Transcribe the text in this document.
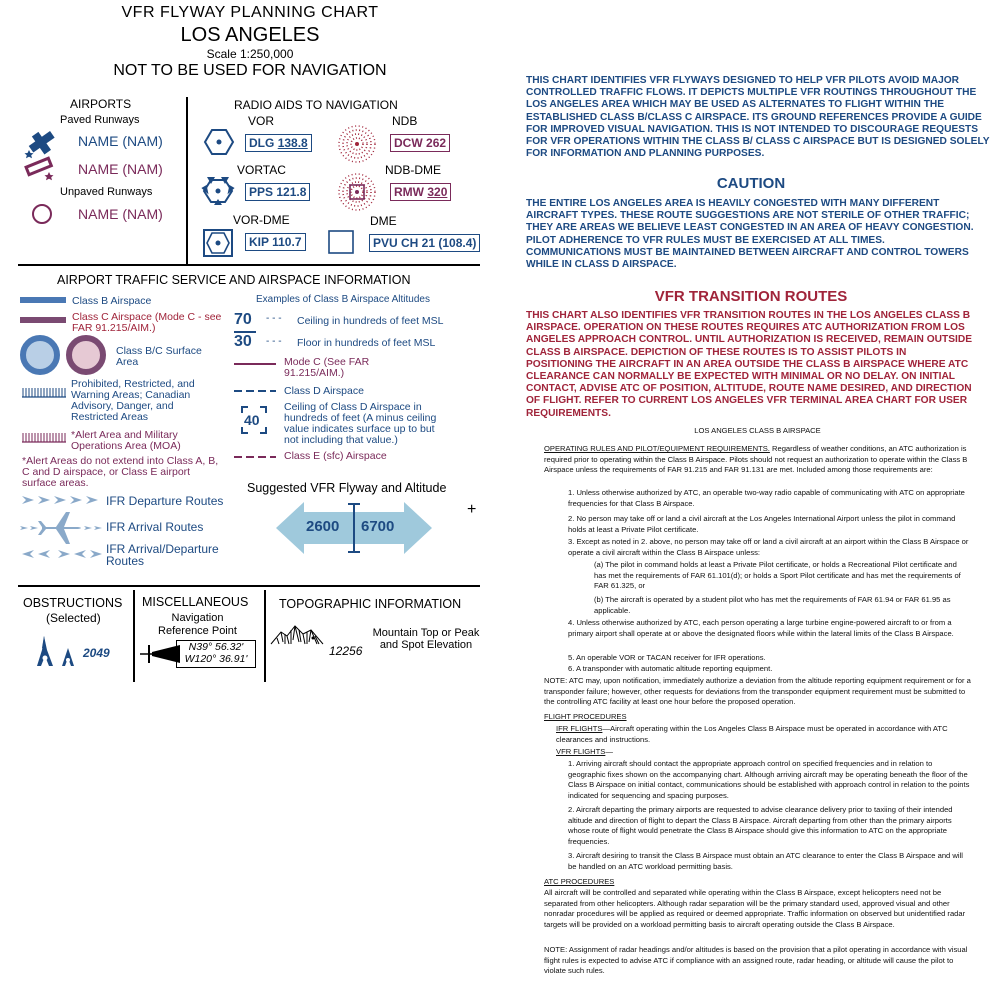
VFR FLYWAY PLANNING CHART
LOS ANGELES
Scale 1:250,000
NOT TO BE USED FOR NAVIGATION
AIRPORTS
Paved Runways
NAME (NAM)
NAME (NAM)
Unpaved Runways
NAME (NAM)
RADIO AIDS TO NAVIGATION
VOR
DLG 138.8
NDB
DCW 262
VORTAC
PPS 121.8
NDB-DME
RMW 320
VOR-DME
KIP 110.7
DME
PVU CH 21 (108.4)
AIRPORT TRAFFIC SERVICE AND AIRSPACE INFORMATION
Class B Airspace
Class C Airspace (Mode C - see FAR 91.215/AIM.)
Class B/C Surface Area
Prohibited, Restricted, and Warning Areas; Canadian Advisory, Danger, and Restricted Areas
*Alert Area and Military Operations Area (MOA)
*Alert Areas do not extend into Class A, B, C and D airspace, or Class E airport surface areas.
Examples of Class B Airspace Altitudes
70 - - - Ceiling in hundreds of feet MSL
30 - - - Floor in hundreds of feet MSL
Mode C (See FAR 91.215/AIM.)
Class D Airspace
40
Ceiling of Class D Airspace in hundreds of feet (A minus ceiling value indicates surface up to but not including that value.)
Class E (sfc) Airspace
IFR Departure Routes
IFR Arrival Routes
IFR Arrival/Departure Routes
Suggested VFR Flyway and Altitude
2600 6700
+
OBSTRUCTIONS
(Selected)
2049
MISCELLANEOUS
Navigation Reference Point
N39° 56.32'
W120° 36.91'
TOPOGRAPHIC INFORMATION
12256
Mountain Top or Peak and Spot Elevation
THIS CHART IDENTIFIES VFR FLYWAYS DESIGNED TO HELP VFR PILOTS AVOID MAJOR CONTROLLED TRAFFIC FLOWS. IT DEPICTS MULTIPLE VFR ROUTINGS THROUGHOUT THE LOS ANGELES AREA WHICH MAY BE USED AS ALTERNATES TO FLIGHT WITHIN THE ESTABLISHED CLASS B/CLASS C AIRSPACE. ITS GROUND REFERENCES PROVIDE A GUIDE FOR IMPROVED VISUAL NAVIGATION. THIS IS NOT INTENDED TO DISCOURAGE REQUESTS FOR VFR OPERATIONS WITHIN THE CLASS B/ CLASS C AIRSPACE BUT IS DESIGNED SOLELY FOR INFORMATION AND PLANNING PURPOSES.
CAUTION
THE ENTIRE LOS ANGELES AREA IS HEAVILY CONGESTED WITH MANY DIFFERENT AIRCRAFT TYPES. THESE ROUTE SUGGESTIONS ARE NOT STERILE OF OTHER TRAFFIC; THEY ARE AREAS WE BELIEVE LEAST CONGESTED IN AN AREA OF HEAVY CONGESTION. PILOT ADHERENCE TO VFR RULES MUST BE EXERCISED AT ALL TIMES. COMMUNICATIONS MUST BE MAINTAINED BETWEEN AIRCRAFT AND CONTROL TOWERS WHILE IN CLASS D AIRSPACE.
VFR TRANSITION ROUTES
THIS CHART ALSO IDENTIFIES VFR TRANSITION ROUTES IN THE LOS ANGELES CLASS B AIRSPACE. OPERATION ON THESE ROUTES REQUIRES ATC AUTHORIZATION FROM LOS ANGELES APPROACH CONTROL. UNTIL AUTHORIZATION IS RECEIVED, REMAIN OUTSIDE CLASS B AIRSPACE. DEPICTION OF THESE ROUTES IS TO ASSIST PILOTS IN POSITIONING THE AIRCRAFT IN AN AREA OUTSIDE THE CLASS B AIRSPACE WHERE ATC CLEARANCE CAN NORMALLY BE EXPECTED WITH MINIMAL OR NO DELAY. ON INITIAL CONTACT, ADVISE ATC OF POSITION, ALTITUDE, ROUTE NAME DESIRED, AND DIRECTION OF FLIGHT. REFER TO CURRENT LOS ANGELES VFR TERMINAL AREA CHART FOR USER REQUIREMENTS.
LOS ANGELES CLASS B AIRSPACE
OPERATING RULES AND PILOT/EQUIPMENT REQUIREMENTS. Regardless of weather conditions, an ATC authorization is required prior to operating within the Class B Airspace. Pilots should not request an authorization to operate within the Class B Airspace unless the requirements of FAR 91.215 and FAR 91.131 are met. Included among those requirements are:
1. Unless otherwise authorized by ATC, an operable two-way radio capable of communicating with ATC on appropriate frequencies for that Class B Airspace.
2. No person may take off or land a civil aircraft at the Los Angeles International Airport unless the pilot in command holds at least a Private Pilot certificate.
3. Except as noted in 2. above, no person may take off or land a civil aircraft at an airport within the Class B Airspace or operate a civil aircraft within the Class B Airspace unless:
(a) The pilot in command holds at least a Private Pilot certificate, or holds a Recreational Pilot certificate and has met the requirements of FAR 61.101(d); or holds a Sport Pilot certificate and has met the requirements of FAR 61.325, or
(b) The aircraft is operated by a student pilot who has met the requirements of FAR 61.94 or FAR 61.95 as applicable.
4. Unless otherwise authorized by ATC, each person operating a large turbine engine-powered aircraft to or from a primary airport shall operate at or above the designated floors while within the lateral limits of the Class B Airspace.
5. An operable VOR or TACAN receiver for IFR operations.
6. A transponder with automatic altitude reporting equipment.
NOTE: ATC may, upon notification, immediately authorize a deviation from the altitude reporting equipment requirement or for a transponder failure; however, other requests for deviations from the transponder equipment requirement must be submitted to the controlling ATC facility at least one hour before the proposed operation.
FLIGHT PROCEDURES
IFR FLIGHTS—Aircraft operating within the Los Angeles Class B Airspace must be operated in accordance with ATC clearances and instructions.
VFR FLIGHTS—
1. Arriving aircraft should contact the appropriate approach control on specified frequencies and in relation to geographic fixes shown on the accompanying chart. Although arriving aircraft may be operating beneath the floor of the Class B Airspace on initial contact, communications should be established with approach control in relation to the points indicated for sequencing and spacing purposes.
2. Aircraft departing the primary airports are requested to advise clearance delivery prior to taxiing of their intended altitude and direction of flight to depart the Class B Airspace. Aircraft departing from other than the primary airports whose route of flight would penetrate the Class B Airspace should give this information to ATC on the appropriate frequencies.
3. Aircraft desiring to transit the Class B Airspace must obtain an ATC clearance to enter the Class B Airspace and will be handled on an ATC workload permitting basis.
ATC PROCEDURES
All aircraft will be controlled and separated while operating within the Class B Airspace, except helicopters need not be separated from other helicopters. Although radar separation will be the primary standard used, approved visual and other nonradar procedures will be applied as required or deemed appropriate. Traffic information on observed but unidentified radar targets will be provided on a workload permitting basis to aircraft operating outside the Class B Airspace.
NOTE: Assignment of radar headings and/or altitudes is based on the provision that a pilot operating in accordance with visual flight rules is expected to advise ATC if compliance with an assigned route, radar heading, or altitude will cause the pilot to violate such rules.
